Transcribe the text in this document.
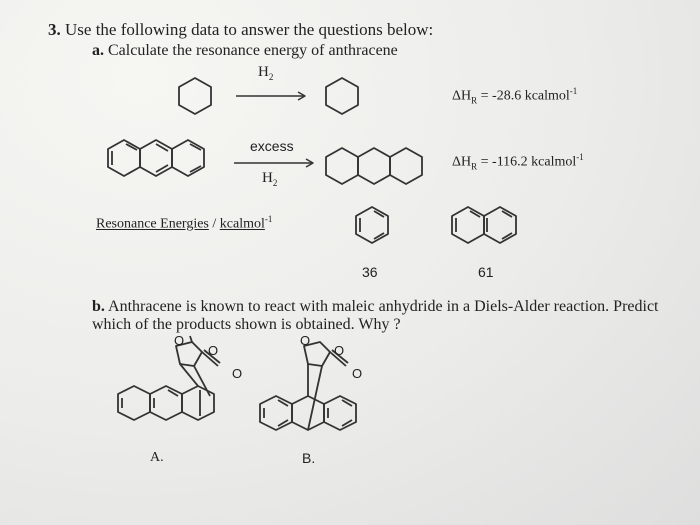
3. Use the following data to answer the questions below:
a. Calculate the resonance energy of anthracene
$H_2$
$\Delta H_R = -28.6$ kcalmol$^{-1}$
excess
$H_2$
$\Delta H_R = -116.2$ kcalmol$^{-1}$
Resonance Energies / kcalmol$^{-1}$
36	61
b. Anthracene is known to react with maleic anhydride in a Diels-Alder reaction. Predict
which of the products shown is obtained. Why ?
O
O
O
A.
O
O
O
B.
